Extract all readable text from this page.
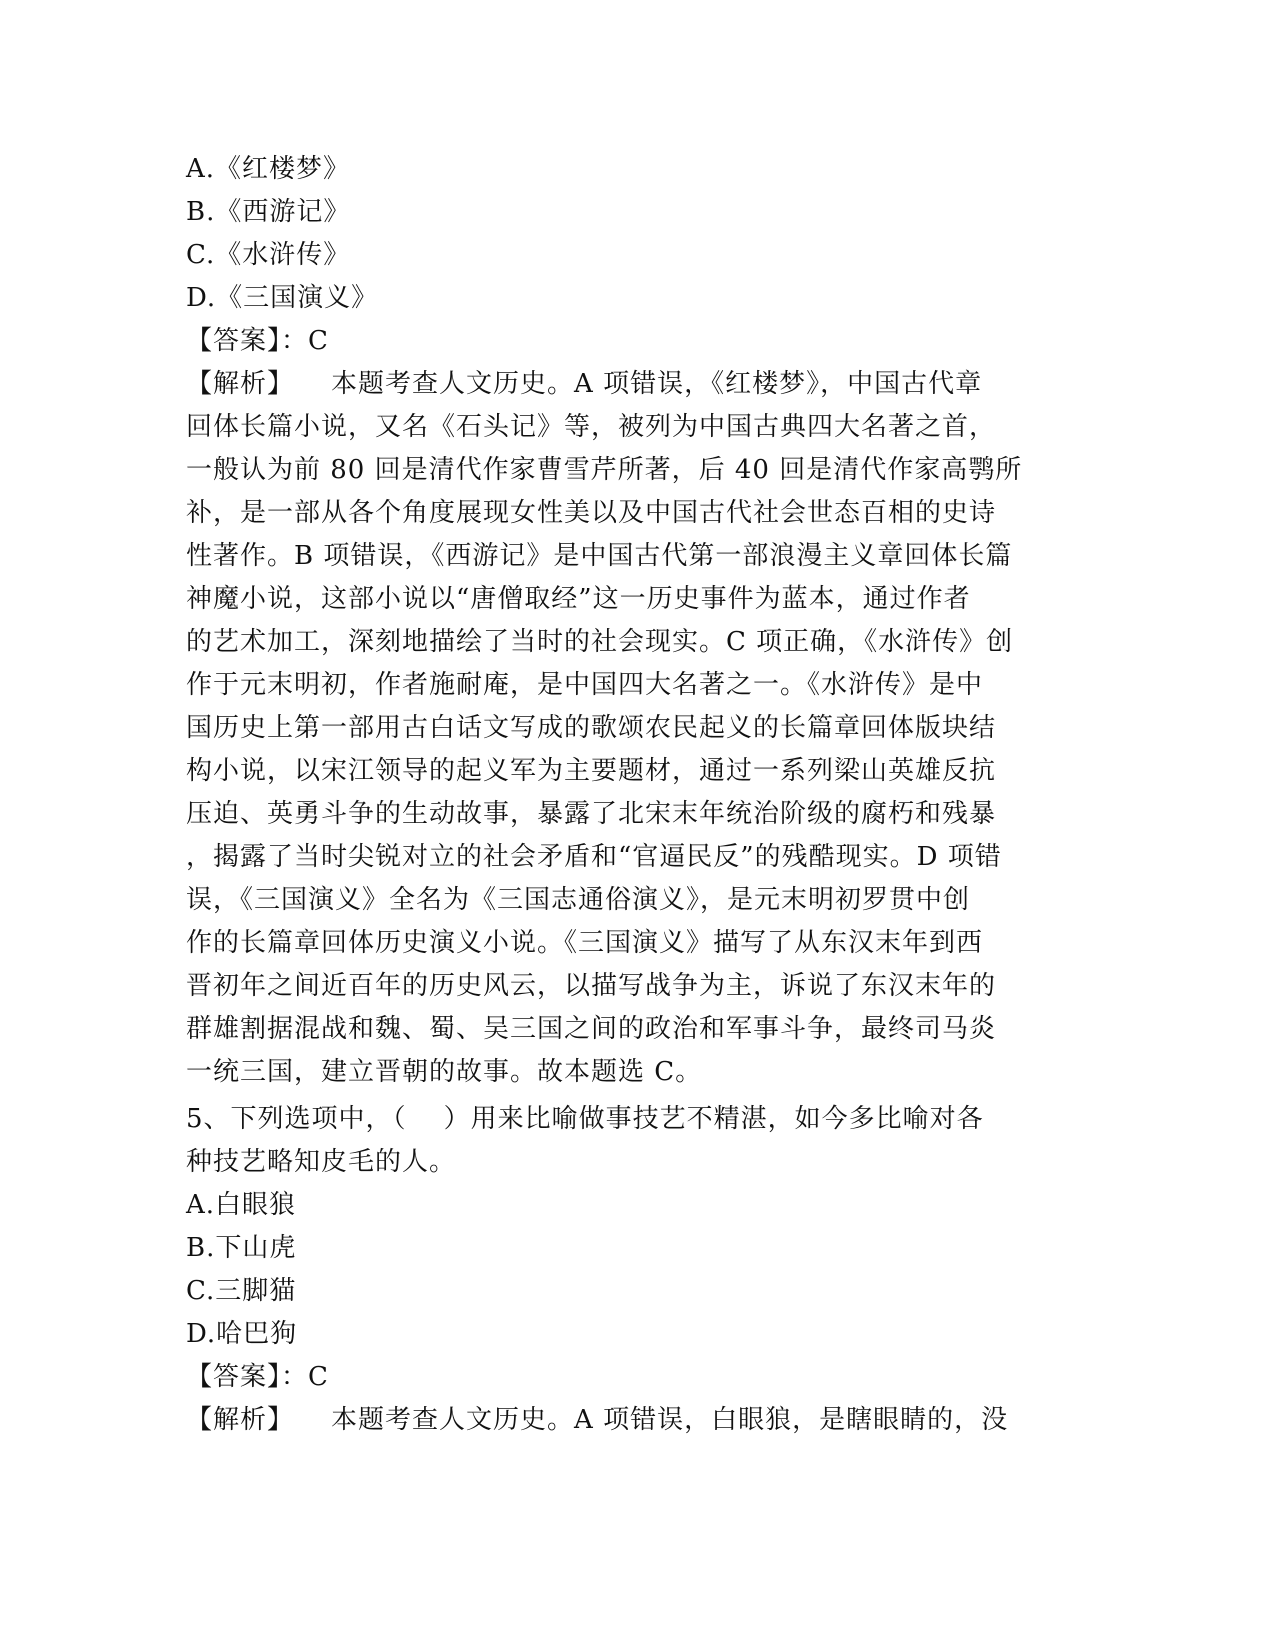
A.《红楼梦》
B.《西游记》
C.《水浒传》
D.《三国演义》
【答案】：C
【解析】    本题考查人文历史。A 项错误，《红楼梦》，中国古代章
回体长篇小说，又名《石头记》等，被列为中国古典四大名著之首，
一般认为前 80 回是清代作家曹雪芹所著，后 40 回是清代作家高鹗所
补，是一部从各个角度展现女性美以及中国古代社会世态百相的史诗
性著作。B 项错误，《西游记》是中国古代第一部浪漫主义章回体长篇
神魔小说，这部小说以“唐僧取经”这一历史事件为蓝本，通过作者
的艺术加工，深刻地描绘了当时的社会现实。C 项正确，《水浒传》创
作于元末明初，作者施耐庵，是中国四大名著之一。《水浒传》是中
国历史上第一部用古白话文写成的歌颂农民起义的长篇章回体版块结
构小说，以宋江领导的起义军为主要题材，通过一系列梁山英雄反抗
压迫、英勇斗争的生动故事，暴露了北宋末年统治阶级的腐朽和残暴
，揭露了当时尖锐对立的社会矛盾和“官逼民反”的残酷现实。D 项错
误，《三国演义》全名为《三国志通俗演义》，是元末明初罗贯中创
作的长篇章回体历史演义小说。《三国演义》描写了从东汉末年到西
晋初年之间近百年的历史风云，以描写战争为主，诉说了东汉末年的
群雄割据混战和魏、蜀、吴三国之间的政治和军事斗争，最终司马炎
一统三国，建立晋朝的故事。故本题选 C。
5、下列选项中，（    ）用来比喻做事技艺不精湛，如今多比喻对各
种技艺略知皮毛的人。
A.白眼狼
B.下山虎
C.三脚猫
D.哈巴狗
【答案】：C
【解析】    本题考查人文历史。A 项错误，白眼狼，是瞎眼睛的，没
